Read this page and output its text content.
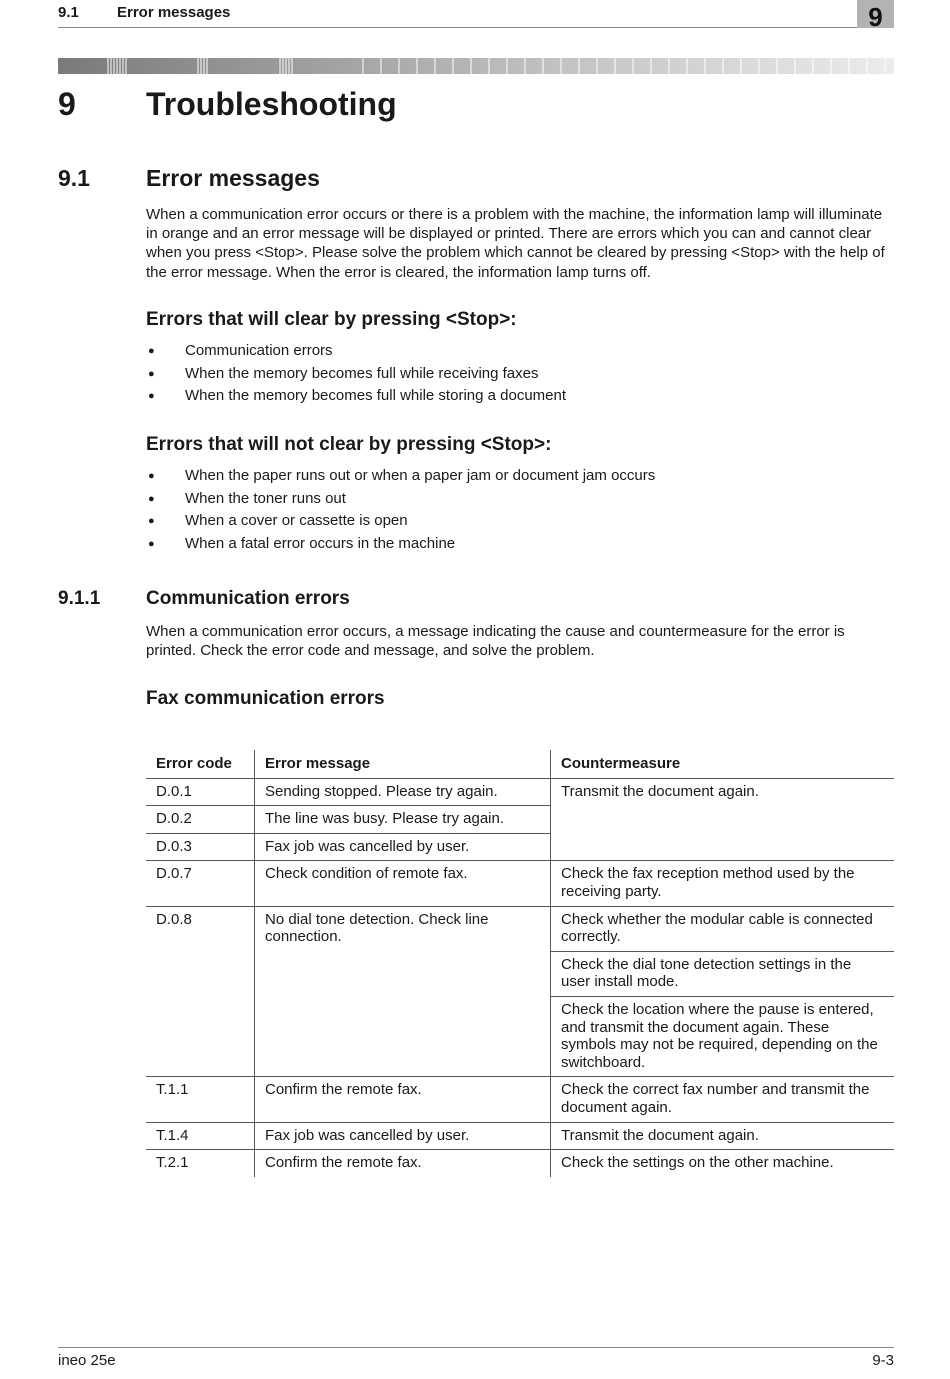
9.1	Error messages	9
9 Troubleshooting
9.1 Error messages
When a communication error occurs or there is a problem with the machine, the information lamp will illuminate in orange and an error message will be displayed or printed. There are errors which you can and cannot clear when you press <Stop>. Please solve the problem which cannot be cleared by pressing <Stop> with the help of the error message. When the error is cleared, the information lamp turns off.
Errors that will clear by pressing <Stop>:
● Communication errors
● When the memory becomes full while receiving faxes
● When the memory becomes full while storing a document
Errors that will not clear by pressing <Stop>:
● When the paper runs out or when a paper jam or document jam occurs
● When the toner runs out
● When a cover or cassette is open
● When a fatal error occurs in the machine
9.1.1 Communication errors
When a communication error occurs, a message indicating the cause and countermeasure for the error is printed. Check the error code and message, and solve the problem.
Fax communication errors
Error code	Error message	Countermeasure
D.0.1	Sending stopped. Please try again.	Transmit the document again.
D.0.2	The line was busy. Please try again.	
D.0.3	Fax job was cancelled by user.	
D.0.7	Check condition of remote fax.	Check the fax reception method used by the receiving party.
D.0.8	No dial tone detection. Check line connection.	Check whether the modular cable is connected correctly.
		Check the dial tone detection settings in the user install mode.
		Check the location where the pause is entered, and transmit the document again. These symbols may not be required, depending on the switchboard.
T.1.1	Confirm the remote fax.	Check the correct fax number and transmit the document again.
T.1.4	Fax job was cancelled by user.	Transmit the document again.
T.2.1	Confirm the remote fax.	Check the settings on the other machine.
ineo 25e	9-3
